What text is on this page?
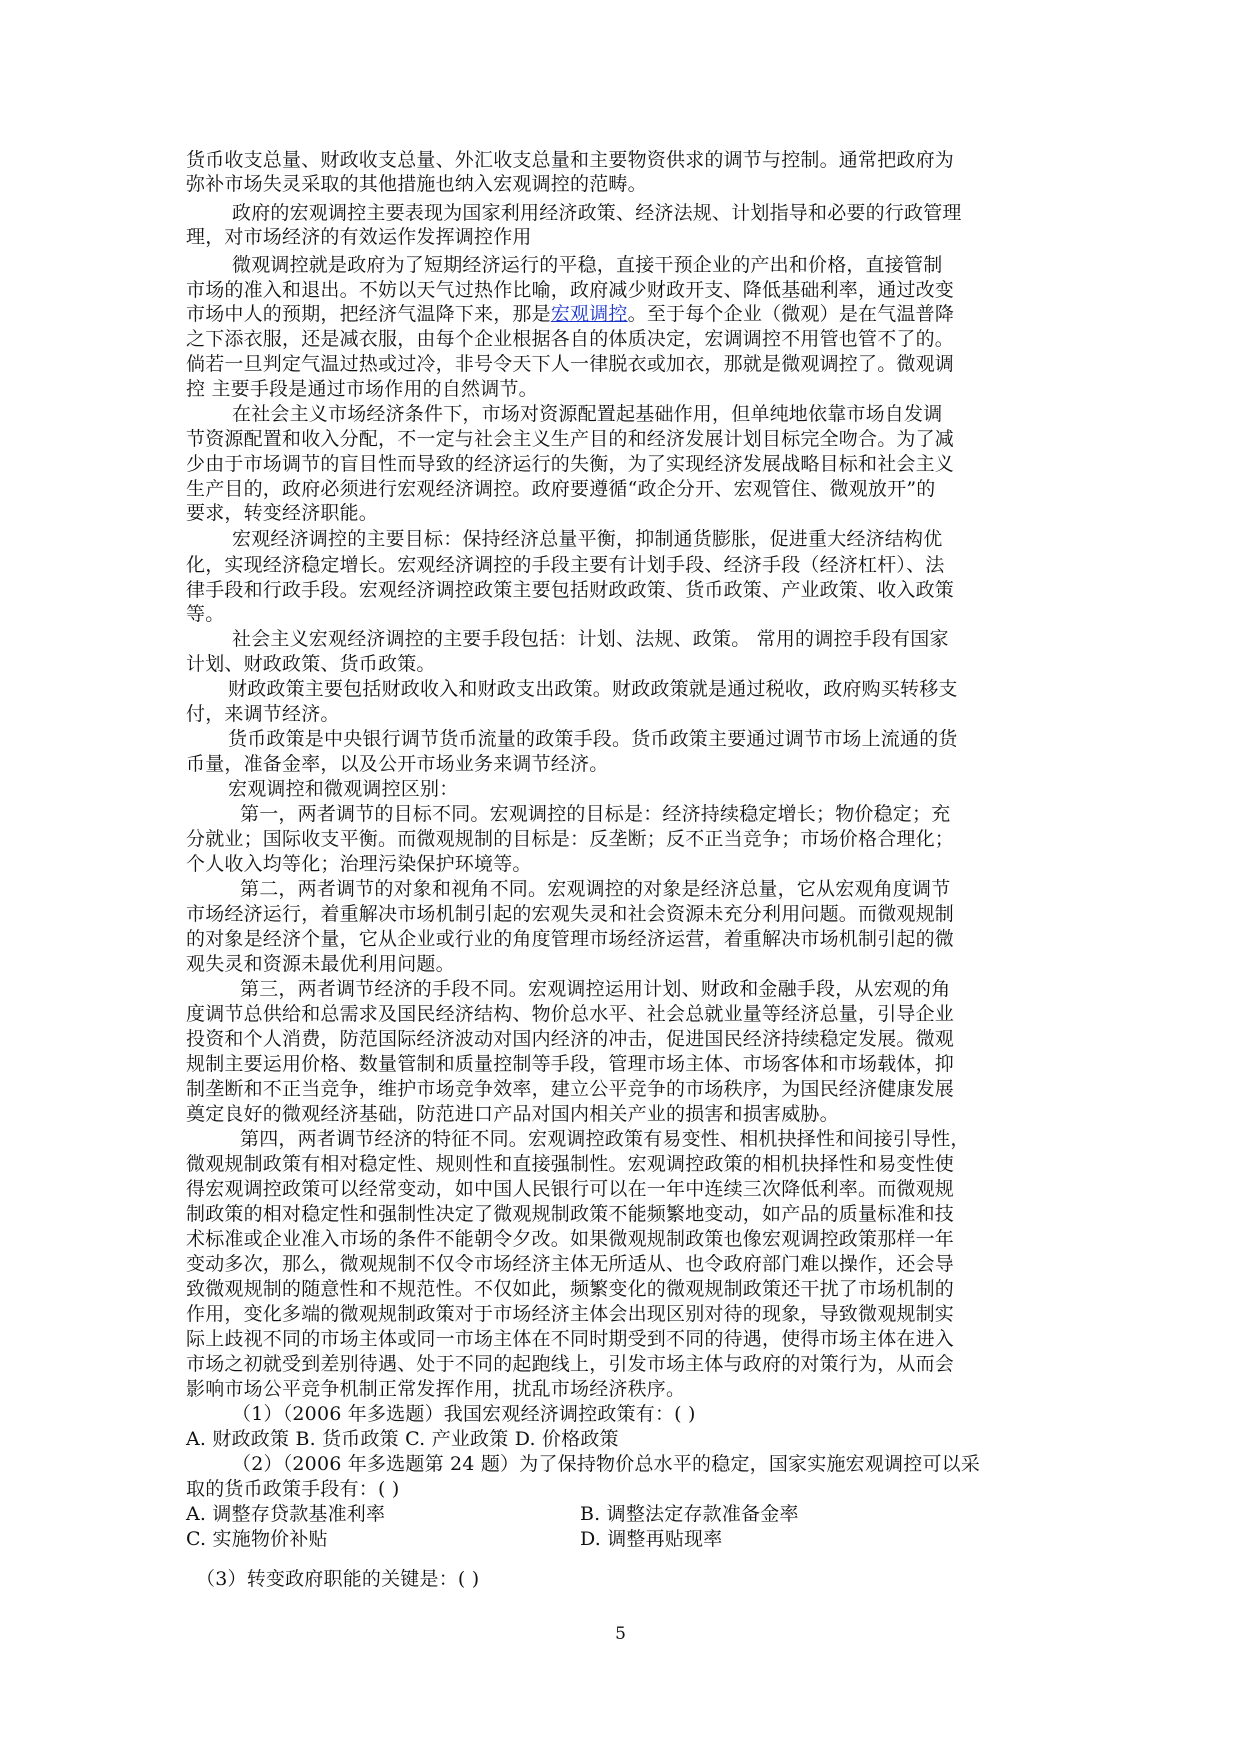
货币收支总量、财政收支总量、外汇收支总量和主要物资供求的调节与控制。通常把政府为
弥补市场失灵采取的其他措施也纳入宏观调控的范畴。
政府的宏观调控主要表现为国家利用经济政策、经济法规、计划指导和必要的行政管理
理，对市场经济的有效运作发挥调控作用
微观调控就是政府为了短期经济运行的平稳，直接干预企业的产出和价格，直接管制
市场的准入和退出。不妨以天气过热作比喻，政府减少财政开支、降低基础利率，通过改变
市场中人的预期，把经济气温降下来，那是宏观调控。至于每个企业（微观）是在气温普降
之下添衣服，还是减衣服，由每个企业根据各自的体质决定，宏调调控不用管也管不了的。
倘若一旦判定气温过热或过冷，非号令天下人一律脱衣或加衣，那就是微观调控了。微观调
控 主要手段是通过市场作用的自然调节。
在社会主义市场经济条件下，市场对资源配置起基础作用，但单纯地依靠市场自发调
节资源配置和收入分配，不一定与社会主义生产目的和经济发展计划目标完全吻合。为了减
少由于市场调节的盲目性而导致的经济运行的失衡，为了实现经济发展战略目标和社会主义
生产目的，政府必须进行宏观经济调控。政府要遵循“政企分开、宏观管住、微观放开”的
要求，转变经济职能。
宏观经济调控的主要目标：保持经济总量平衡，抑制通货膨胀，促进重大经济结构优
化，实现经济稳定增长。宏观经济调控的手段主要有计划手段、经济手段（经济杠杆）、法
律手段和行政手段。宏观经济调控政策主要包括财政政策、货币政策、产业政策、收入政策
等。
社会主义宏观经济调控的主要手段包括：计划、法规、政策。 常用的调控手段有国家
计划、财政政策、货币政策。
财政政策主要包括财政收入和财政支出政策。财政政策就是通过税收，政府购买转移支
付，来调节经济。
货币政策是中央银行调节货币流量的政策手段。货币政策主要通过调节市场上流通的货
币量，准备金率，以及公开市场业务来调节经济。
宏观调控和微观调控区别：
第一，两者调节的目标不同。宏观调控的目标是：经济持续稳定增长；物价稳定；充
分就业；国际收支平衡。而微观规制的目标是：反垄断；反不正当竞争；市场价格合理化；
个人收入均等化；治理污染保护环境等。
第二，两者调节的对象和视角不同。宏观调控的对象是经济总量，它从宏观角度调节
市场经济运行，着重解决市场机制引起的宏观失灵和社会资源未充分利用问题。而微观规制
的对象是经济个量，它从企业或行业的角度管理市场经济运营，着重解决市场机制引起的微
观失灵和资源未最优利用问题。
第三，两者调节经济的手段不同。宏观调控运用计划、财政和金融手段，从宏观的角
度调节总供给和总需求及国民经济结构、物价总水平、社会总就业量等经济总量，引导企业
投资和个人消费，防范国际经济波动对国内经济的冲击，促进国民经济持续稳定发展。微观
规制主要运用价格、数量管制和质量控制等手段，管理市场主体、市场客体和市场载体，抑
制垄断和不正当竞争，维护市场竞争效率，建立公平竞争的市场秩序，为国民经济健康发展
奠定良好的微观经济基础，防范进口产品对国内相关产业的损害和损害威胁。
第四，两者调节经济的特征不同。宏观调控政策有易变性、相机抉择性和间接引导性，
微观规制政策有相对稳定性、规则性和直接强制性。宏观调控政策的相机抉择性和易变性使
得宏观调控政策可以经常变动，如中国人民银行可以在一年中连续三次降低利率。而微观规
制政策的相对稳定性和强制性决定了微观规制政策不能频繁地变动，如产品的质量标准和技
术标准或企业准入市场的条件不能朝令夕改。如果微观规制政策也像宏观调控政策那样一年
变动多次，那么，微观规制不仅令市场经济主体无所适从、也令政府部门难以操作，还会导
致微观规制的随意性和不规范性。不仅如此，频繁变化的微观规制政策还干扰了市场机制的
作用，变化多端的微观规制政策对于市场经济主体会出现区别对待的现象，导致微观规制实
际上歧视不同的市场主体或同一市场主体在不同时期受到不同的待遇，使得市场主体在进入
市场之初就受到差别待遇、处于不同的起跑线上，引发市场主体与政府的对策行为，从而会
影响市场公平竞争机制正常发挥作用，扰乱市场经济秩序。
（1）（2006 年多选题）我国宏观经济调控政策有：( )
A. 财政政策 B. 货币政策 C. 产业政策 D. 价格政策
（2）（2006 年多选题第 24 题）为了保持物价总水平的稳定，国家实施宏观调控可以采
取的货币政策手段有：( )
A. 调整存贷款基准利率	B. 调整法定存款准备金率
C. 实施物价补贴	D. 调整再贴现率
（3）转变政府职能的关键是：( )
5
